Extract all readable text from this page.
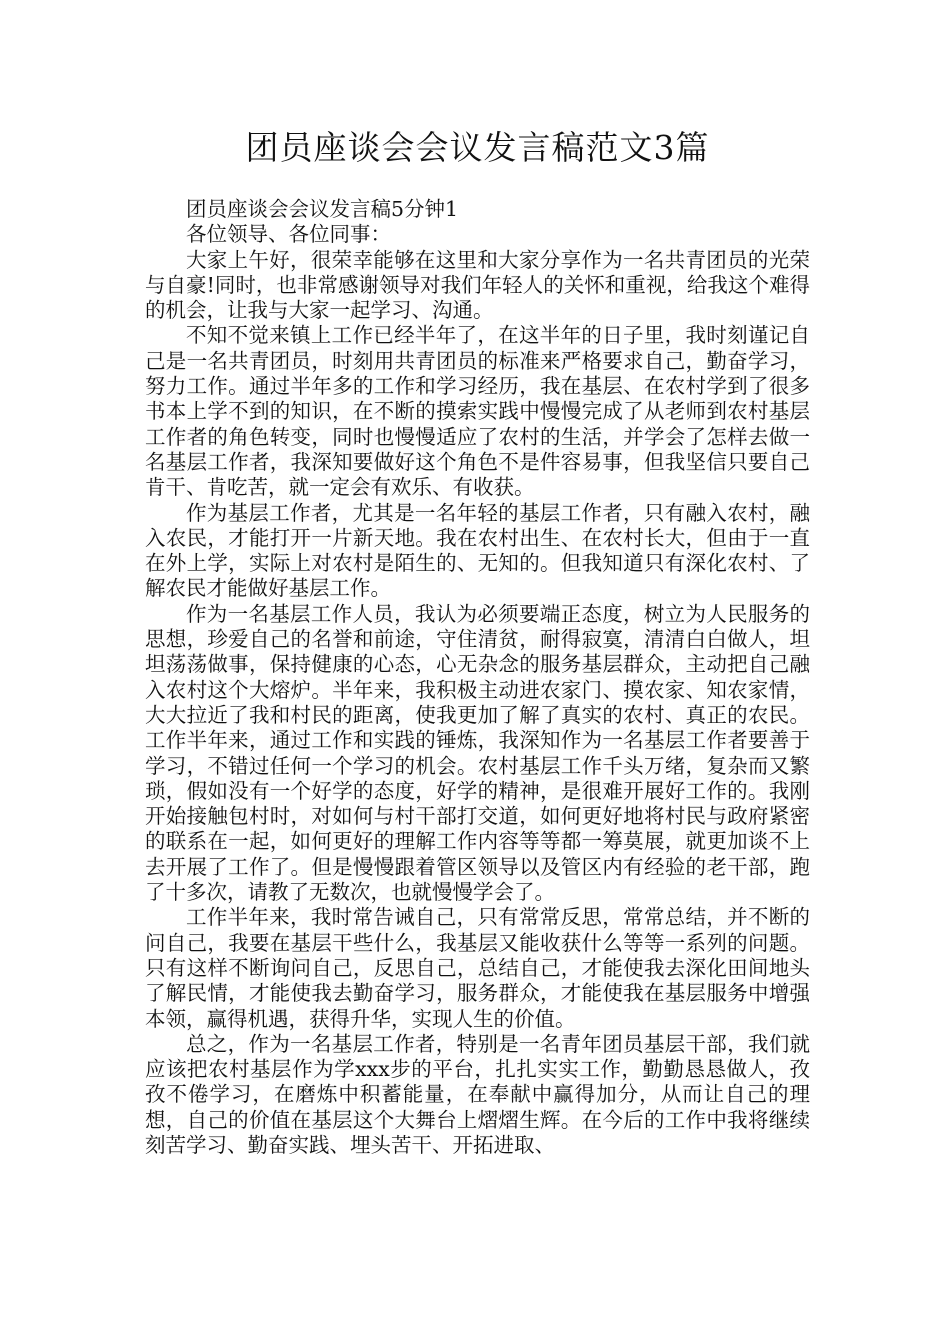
团员座谈会会议发言稿范文3篇

团员座谈会会议发言稿5分钟1

各位领导、各位同事：

大家上午好，很荣幸能够在这里和大家分享作为一名共青团员的光荣与自豪!同时，也非常感谢领导对我们年轻人的关怀和重视，给我这个难得的机会，让我与大家一起学习、沟通。

不知不觉来镇上工作已经半年了，在这半年的日子里，我时刻谨记自己是一名共青团员，时刻用共青团员的标准来严格要求自己，勤奋学习，努力工作。通过半年多的工作和学习经历，我在基层、在农村学到了很多书本上学不到的知识，在不断的摸索实践中慢慢完成了从老师到农村基层工作者的角色转变，同时也慢慢适应了农村的生活，并学会了怎样去做一名基层工作者，我深知要做好这个角色不是件容易事，但我坚信只要自己肯干、肯吃苦，就一定会有欢乐、有收获。

作为基层工作者，尤其是一名年轻的基层工作者，只有融入农村，融入农民，才能打开一片新天地。我在农村出生、在农村长大，但由于一直在外上学，实际上对农村是陌生的、无知的。但我知道只有深化农村、了解农民才能做好基层工作。

作为一名基层工作人员，我认为必须要端正态度，树立为人民服务的思想，珍爱自己的名誉和前途，守住清贫，耐得寂寞，清清白白做人，坦坦荡荡做事，保持健康的心态，心无杂念的服务基层群众，主动把自己融入农村这个大熔炉。半年来，我积极主动进农家门、摸农家、知农家情，大大拉近了我和村民的距离，使我更加了解了真实的农村、真正的农民。工作半年来，通过工作和实践的锤炼，我深知作为一名基层工作者要善于学习，不错过任何一个学习的机会。农村基层工作千头万绪，复杂而又繁琐，假如没有一个好学的态度，好学的精神，是很难开展好工作的。我刚开始接触包村时，对如何与村干部打交道，如何更好地将村民与政府紧密的联系在一起，如何更好的理解工作内容等等都一筹莫展，就更加谈不上去开展了工作了。但是慢慢跟着管区领导以及管区内有经验的老干部，跑了十多次，请教了无数次，也就慢慢学会了。

工作半年来，我时常告诫自己，只有常常反思，常常总结，并不断的问自己，我要在基层干些什么，我基层又能收获什么等等一系列的问题。只有这样不断询问自己，反思自己，总结自己，才能使我去深化田间地头了解民情，才能使我去勤奋学习，服务群众，才能使我在基层服务中增强本领，赢得机遇，获得升华，实现人生的价值。

总之，作为一名基层工作者，特别是一名青年团员基层干部，我们就应该把农村基层作为学xxx步的平台，扎扎实实工作，勤勤恳恳做人，孜孜不倦学习，在磨炼中积蓄能量，在奉献中赢得加分，从而让自己的理想，自己的价值在基层这个大舞台上熠熠生辉。在今后的工作中我将继续刻苦学习、勤奋实践、埋头苦干、开拓进取、
